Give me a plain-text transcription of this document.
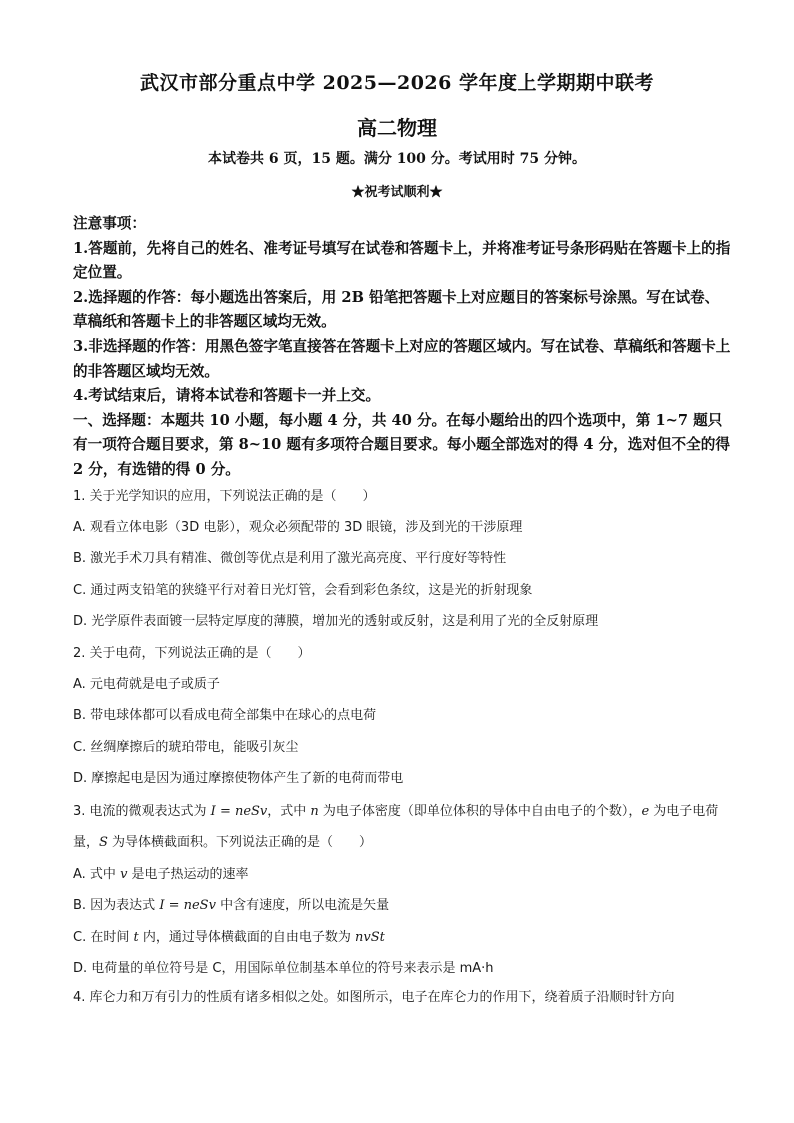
武汉市部分重点中学 2025—2026 学年度上学期期中联考
高二物理
本试卷共 6 页，15 题。满分 100 分。考试用时 75 分钟。
★祝考试顺利★

注意事项：

1.答题前，先将自己的姓名、准考证号填写在试卷和答题卡上，并将准考证号条形码贴在答题卡上的指定位置。

2.选择题的作答：每小题选出答案后，用 2B 铅笔把答题卡上对应题目的答案标号涂黑。写在试卷、草稿纸和答题卡上的非答题区域均无效。

3.非选择题的作答：用黑色签字笔直接答在答题卡上对应的答题区域内。写在试卷、草稿纸和答题卡上的非答题区域均无效。

4.考试结束后，请将本试卷和答题卡一并上交。

一、选择题：本题共 10 小题，每小题 4 分，共 40 分。在每小题给出的四个选项中，第 1~7 题只有一项符合题目要求，第 8~10 题有多项符合题目要求。每小题全部选对的得 4 分，选对但不全的得 2 分，有选错的得 0 分。

1. 关于光学知识的应用，下列说法正确的是（　　）

A. 观看立体电影（3D 电影），观众必须配带的 3D 眼镜，涉及到光的干涉原理

B. 激光手术刀具有精准、微创等优点是利用了激光高亮度、平行度好等特性

C. 通过两支铅笔的狭缝平行对着日光灯管，会看到彩色条纹，这是光的折射现象

D. 光学原件表面镀一层特定厚度的薄膜，增加光的透射或反射，这是利用了光的全反射原理

2. 关于电荷，下列说法正确的是（　　）

A. 元电荷就是电子或质子

B. 带电球体都可以看成电荷全部集中在球心的点电荷

C. 丝绸摩擦后的琥珀带电，能吸引灰尘

D. 摩擦起电是因为通过摩擦使物体产生了新的电荷而带电

3. 电流的微观表达式为 I = neSv，式中 n 为电子体密度（即单位体积的导体中自由电子的个数），e 为电子电荷量，S 为导体横截面积。下列说法正确的是（　　）

A. 式中 v 是电子热运动的速率

B. 因为表达式 I = neSv 中含有速度，所以电流是矢量

C. 在时间 t 内，通过导体横截面的自由电子数为 nvSt

D. 电荷量的单位符号是 C，用国际单位制基本单位的符号来表示是 mA·h

4. 库仑力和万有引力的性质有诸多相似之处。如图所示，电子在库仑力的作用下，绕着质子沿顺时针方向
